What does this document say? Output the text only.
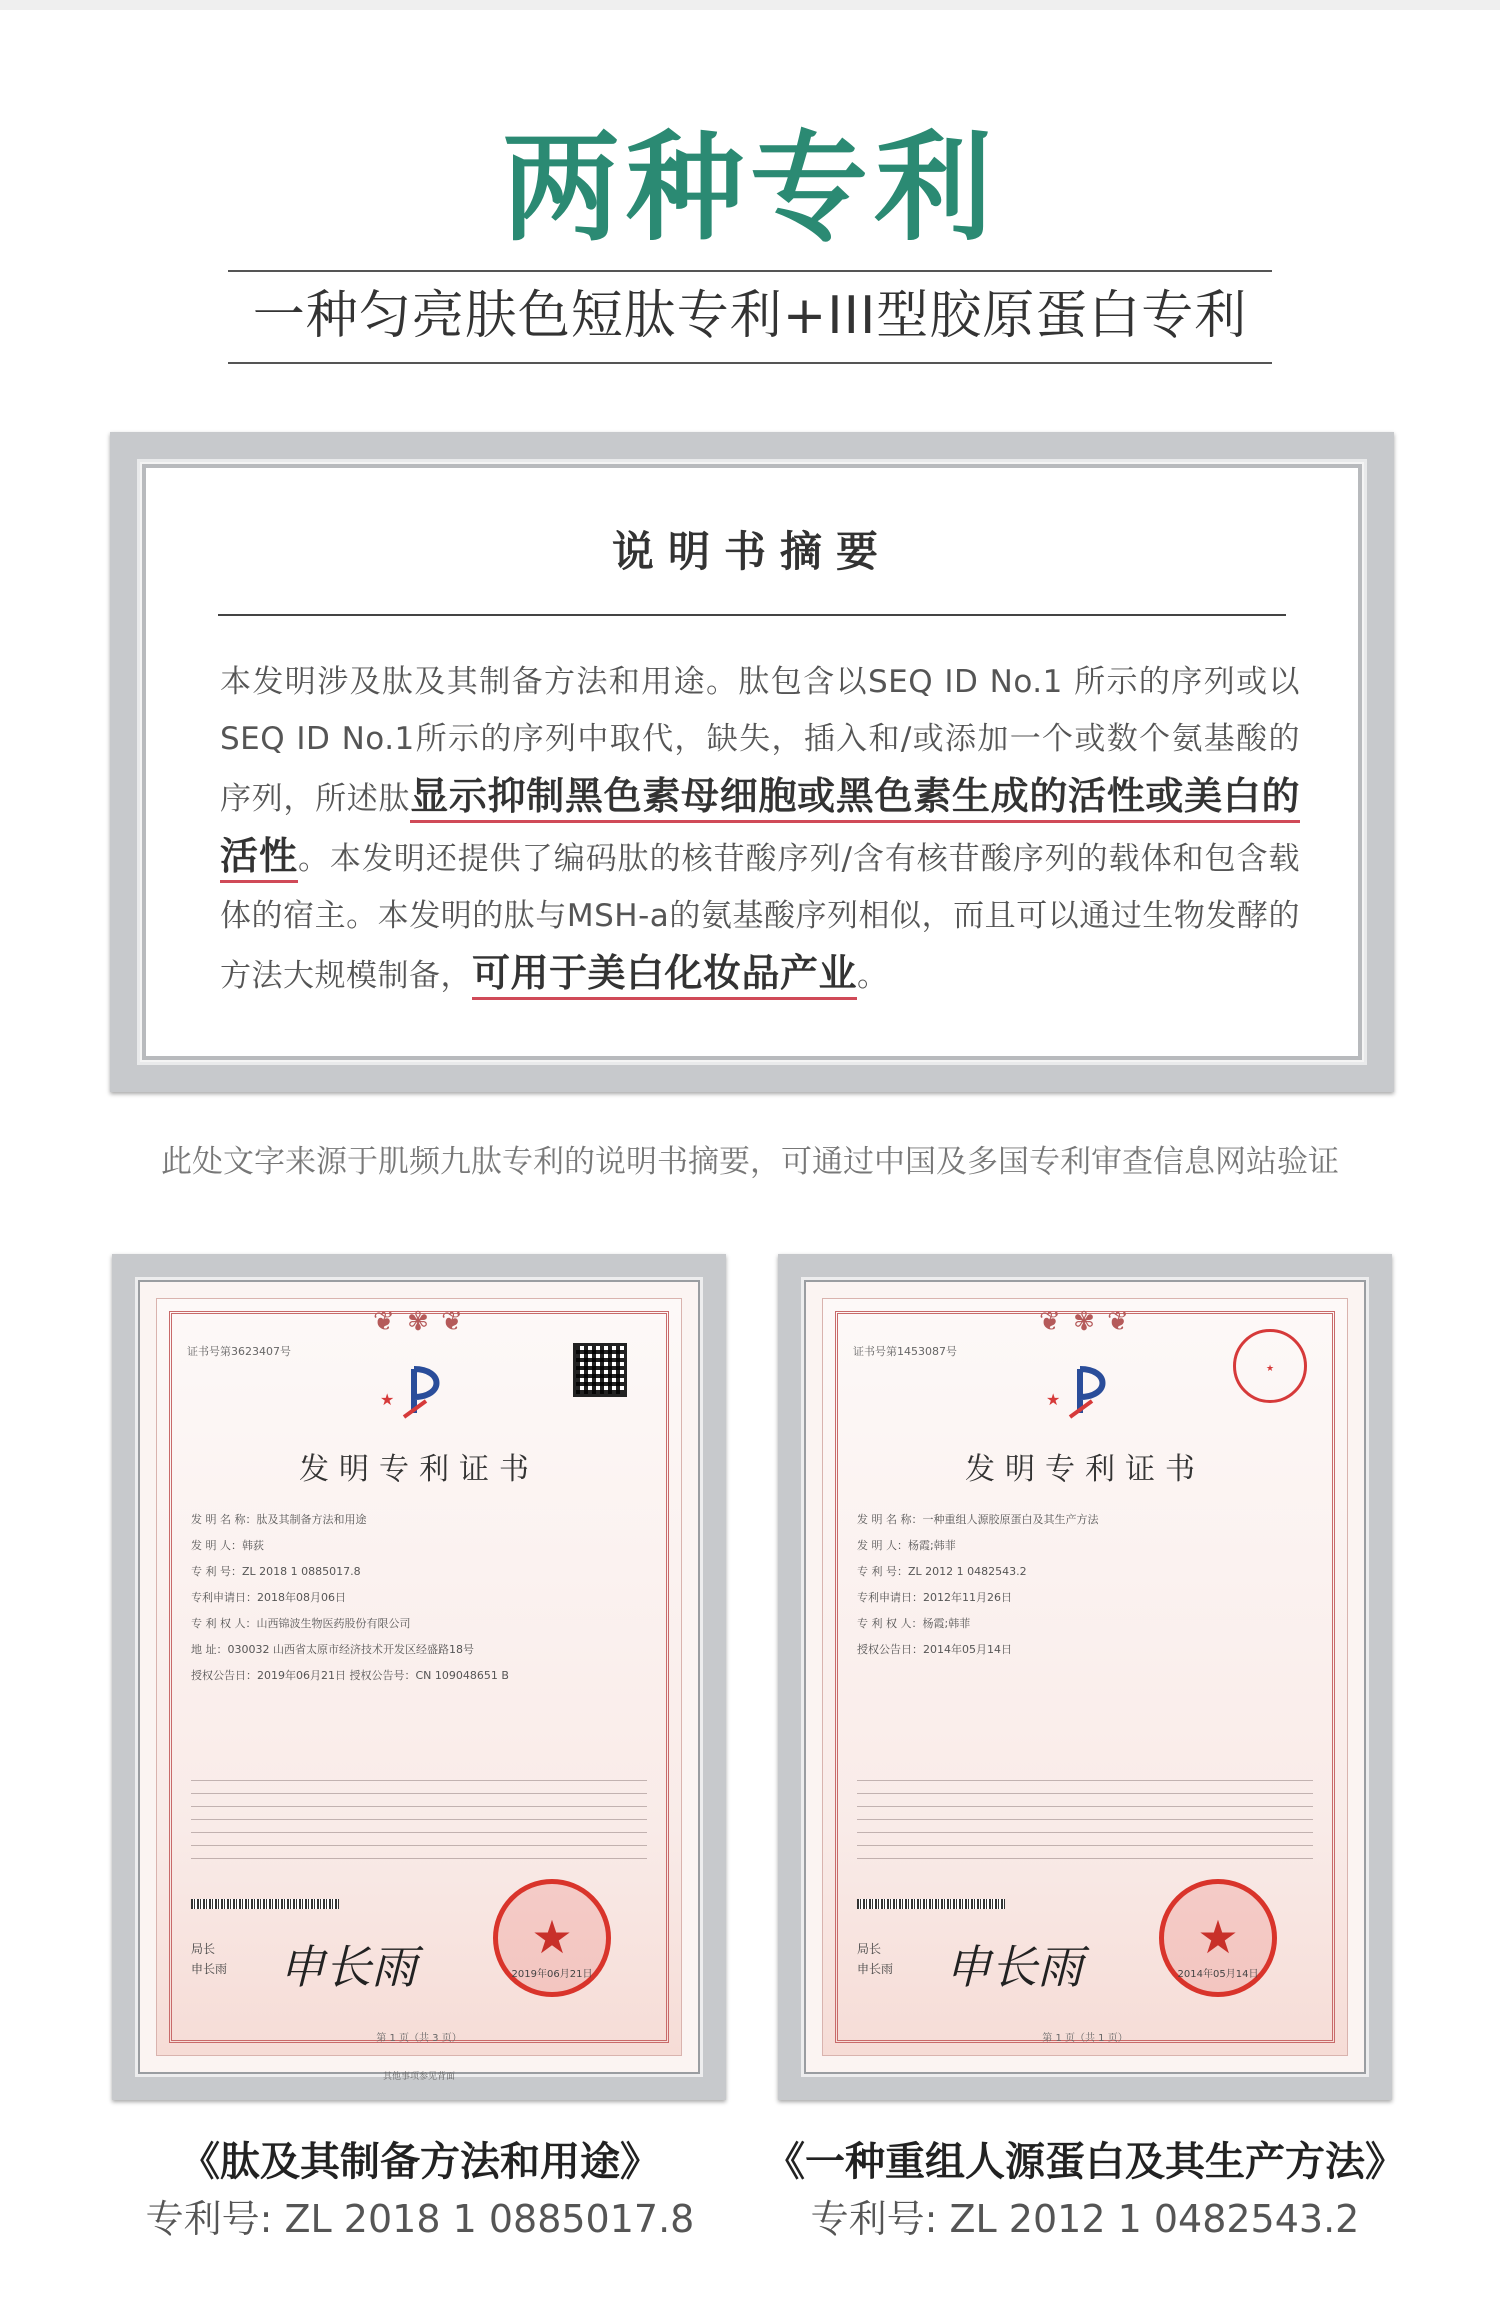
两种专利
一种匀亮肤色短肽专利+III型胶原蛋白专利
说明书摘要
本发明涉及肽及其制备方法和用途。肽包含以SEQ ID No.1 所示的序列或以SEQ ID No.1所示的序列中取代，缺失，插入和/或添加一个或数个氨基酸的序列，所述肽显示抑制黑色素母细胞或黑色素生成的活性或美白的活性。本发明还提供了编码肽的核苷酸序列/含有核苷酸序列的载体和包含载体的宿主。本发明的肽与MSH-a的氨基酸序列相似，而且可以通过生物发酵的方法大规模制备，可用于美白化妆品产业。
此处文字来源于肌频九肽专利的说明书摘要，可通过中国及多国专利审查信息网站验证
❦ ✾ ❦
证书号第3623407号
★
发明专利证书
发 明 名 称：肽及其制备方法和用途
发 明 人：韩荻
专 利 号：ZL 2018 1 0885017.8
专利申请日：2018年08月06日
专 利 权 人：山西锦波生物医药股份有限公司
地 址：030032 山西省太原市经济技术开发区经盛路18号
授权公告日：2019年06月21日 授权公告号：CN 109048651 B
局长
申长雨 申长雨
★
2019年06月21日
第 1 页（共 3 页）
其他事项参见背面
❦ ✾ ❦
证书号第1453087号
★
★
发明专利证书
发 明 名 称：一种重组人源胶原蛋白及其生产方法
发 明 人：杨霞;韩菲
专 利 号：ZL 2012 1 0482543.2
专利申请日：2012年11月26日
专 利 权 人：杨霞;韩菲
授权公告日：2014年05月14日
局长
申长雨 申长雨
★
2014年05月14日
第 1 页（共 1 页）
《肽及其制备方法和用途》
专利号: ZL 2018 1 0885017.8
《一种重组人源蛋白及其生产方法》
专利号: ZL 2012 1 0482543.2
